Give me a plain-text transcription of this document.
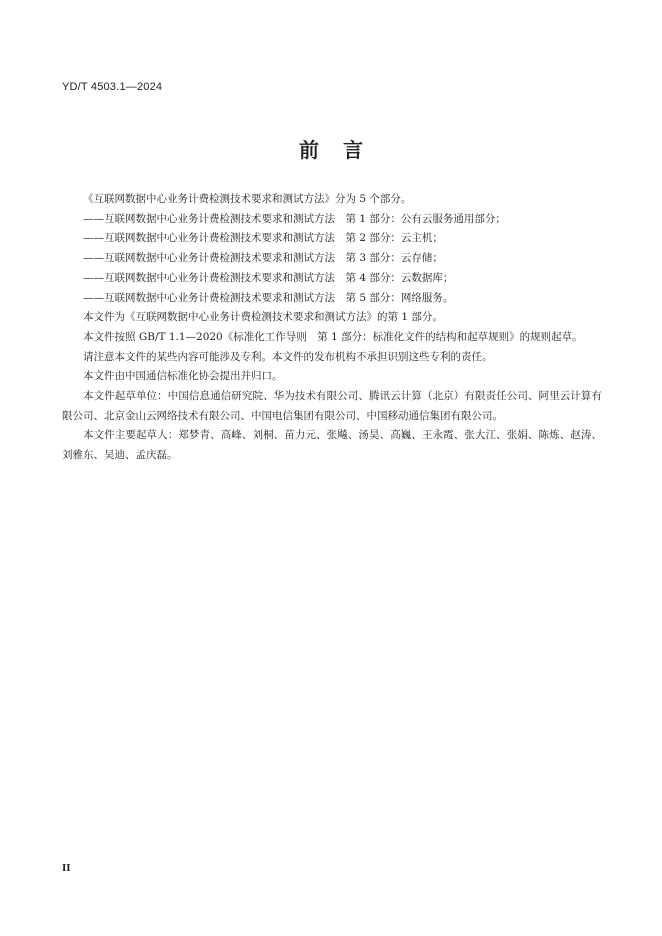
YD/T 4503.1—2024
前言

《互联网数据中心业务计费检测技术要求和测试方法》分为 5 个部分。

——互联网数据中心业务计费检测技术要求和测试方法　第 1 部分：公有云服务通用部分；

——互联网数据中心业务计费检测技术要求和测试方法　第 2 部分：云主机；

——互联网数据中心业务计费检测技术要求和测试方法　第 3 部分：云存储；

——互联网数据中心业务计费检测技术要求和测试方法　第 4 部分：云数据库；

——互联网数据中心业务计费检测技术要求和测试方法　第 5 部分：网络服务。

本文件为《互联网数据中心业务计费检测技术要求和测试方法》的第 1 部分。

本文件按照 GB/T 1.1—2020《标准化工作导则　第 1 部分：标准化文件的结构和起草规则》的规则起草。

请注意本文件的某些内容可能涉及专利。本文件的发布机构不承担识别这些专利的责任。

本文件由中国通信标准化协会提出并归口。

本文件起草单位：中国信息通信研究院、华为技术有限公司、腾讯云计算（北京）有限责任公司、阿里云计算有限公司、北京金山云网络技术有限公司、中国电信集团有限公司、中国移动通信集团有限公司。

本文件主要起草人：郑梦青、高峰、刘桐、苗力元、张飚、汤昊、高巍、王永霞、张大江、张娟、陈炼、赵涛、刘雅东、吴迪、孟庆磊。

II
